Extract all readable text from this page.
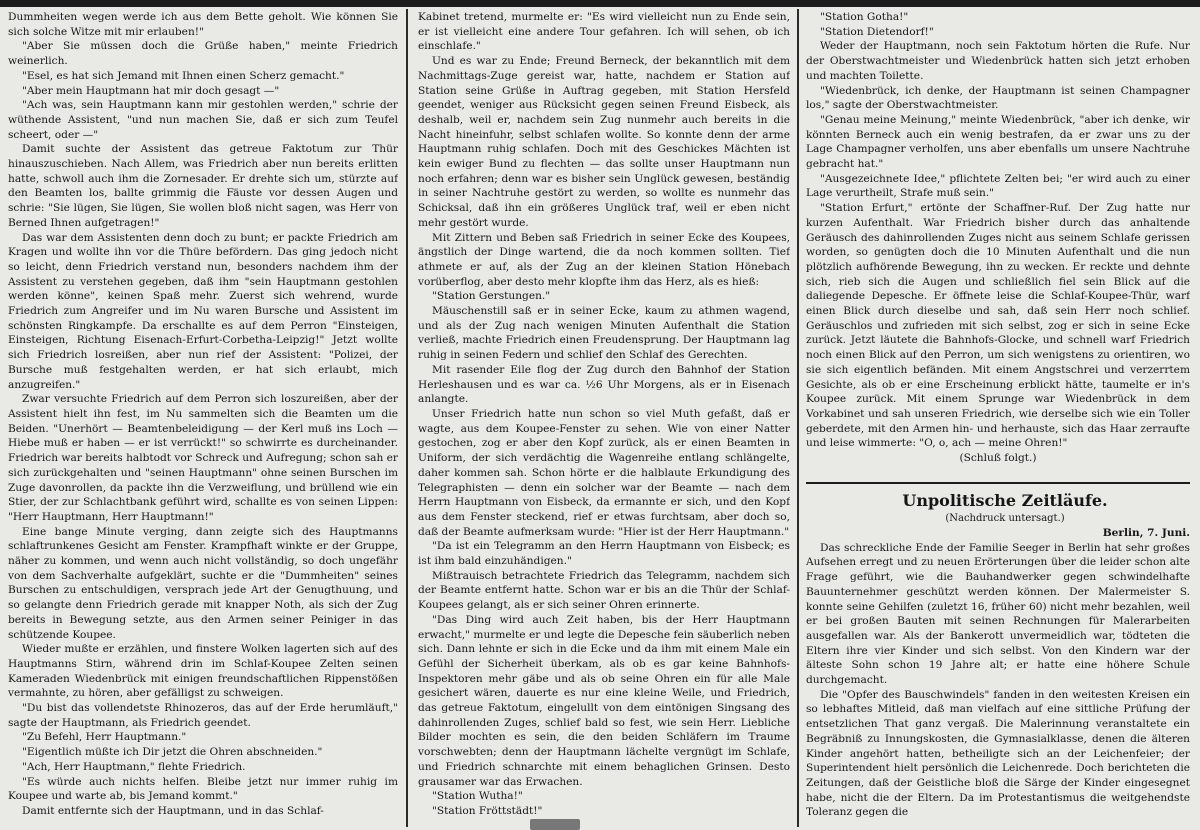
Dummheiten wegen werde ich aus dem Bette geholt. Wie können Sie sich solche Witze mit mir erlauben!"

"Aber Sie müssen doch die Grüße haben," meinte Friedrich weinerlich.

"Esel, es hat sich Jemand mit Ihnen einen Scherz gemacht."

"Aber mein Hauptmann hat mir doch gesagt —"

"Ach was, sein Hauptmann kann mir gestohlen werden," schrie der wüthende Assistent, "und nun machen Sie, daß er sich zum Teufel scheert, oder —"

Damit suchte der Assistent das getreue Faktotum zur Thür hinauszuschieben. Nach Allem, was Friedrich aber nun bereits erlitten hatte, schwoll auch ihm die Zornesader. Er drehte sich um, stürzte auf den Beamten los, ballte grimmig die Fäuste vor dessen Augen und schrie: "Sie lügen, Sie lügen, Sie wollen bloß nicht sagen, was Herr von Berned Ihnen aufgetragen!"

Das war dem Assistenten denn doch zu bunt; er packte Friedrich am Kragen und wollte ihn vor die Thüre befördern. Das ging jedoch nicht so leicht, denn Friedrich verstand nun, besonders nachdem ihm der Assistent zu verstehen gegeben, daß ihm "sein Hauptmann gestohlen werden könne", keinen Spaß mehr. Zuerst sich wehrend, wurde Friedrich zum Angreifer und im Nu waren Bursche und Assistent im schönsten Ringkampfe. Da erschallte es auf dem Perron "Einsteigen, Einsteigen, Richtung Eisenach-Erfurt-Corbetha-Leipzig!" Jetzt wollte sich Friedrich losreißen, aber nun rief der Assistent: "Polizei, der Bursche muß festgehalten werden, er hat sich erlaubt, mich anzugreifen."

Zwar versuchte Friedrich auf dem Perron sich loszureißen, aber der Assistent hielt ihn fest, im Nu sammelten sich die Beamten um die Beiden. "Unerhört — Beamtenbeleidigung — der Kerl muß ins Loch — Hiebe muß er haben — er ist verrückt!" so schwirrte es durcheinander. Friedrich war bereits halbtodt vor Schreck und Aufregung; schon sah er sich zurückgehalten und "seinen Hauptmann" ohne seinen Burschen im Zuge davonrollen, da packte ihn die Verzweiflung, und brüllend wie ein Stier, der zur Schlachtbank geführt wird, schallte es von seinen Lippen: "Herr Hauptmann, Herr Hauptmann!"

Eine bange Minute verging, dann zeigte sich des Hauptmanns schlaftrunkenes Gesicht am Fenster. Krampfhaft winkte er der Gruppe, näher zu kommen, und wenn auch nicht vollständig, so doch ungefähr von dem Sachverhalte aufgeklärt, suchte er die "Dummheiten" seines Burschen zu entschuldigen, versprach jede Art der Genugthuung, und so gelangte denn Friedrich gerade mit knapper Noth, als sich der Zug bereits in Bewegung setzte, aus den Armen seiner Peiniger in das schützende Koupee.

Wieder mußte er erzählen, und finstere Wolken lagerten sich auf des Hauptmanns Stirn, während drin im Schlaf-Koupee Zelten seinen Kameraden Wiedenbrück mit einigen freundschaftlichen Rippenstößen vermahnte, zu hören, aber gefälligst zu schweigen.

"Du bist das vollendetste Rhinozeros, das auf der Erde herumläuft," sagte der Hauptmann, als Friedrich geendet.

"Zu Befehl, Herr Hauptmann."

"Eigentlich müßte ich Dir jetzt die Ohren abschneiden."

"Ach, Herr Hauptmann," flehte Friedrich.

"Es würde auch nichts helfen. Bleibe jetzt nur immer ruhig im Koupee und warte ab, bis Jemand kommt."

Damit entfernte sich der Hauptmann, und in das Schlaf-

Kabinet tretend, murmelte er: "Es wird vielleicht nun zu Ende sein, er ist vielleicht eine andere Tour gefahren. Ich will sehen, ob ich einschlafe."

Und es war zu Ende; Freund Berneck, der bekanntlich mit dem Nachmittags-Zuge gereist war, hatte, nachdem er Station auf Station seine Grüße in Auftrag gegeben, mit Station Hersfeld geendet, weniger aus Rücksicht gegen seinen Freund Eisbeck, als deshalb, weil er, nachdem sein Zug nunmehr auch bereits in die Nacht hineinfuhr, selbst schlafen wollte. So konnte denn der arme Hauptmann ruhig schlafen. Doch mit des Geschickes Mächten ist kein ewiger Bund zu flechten — das sollte unser Hauptmann nun noch erfahren; denn war es bisher sein Unglück gewesen, beständig in seiner Nachtruhe gestört zu werden, so wollte es nunmehr das Schicksal, daß ihn ein größeres Unglück traf, weil er eben nicht mehr gestört wurde.

Mit Zittern und Beben saß Friedrich in seiner Ecke des Koupees, ängstlich der Dinge wartend, die da noch kommen sollten. Tief athmete er auf, als der Zug an der kleinen Station Hönebach vorüberflog, aber desto mehr klopfte ihm das Herz, als es hieß:

"Station Gerstungen."

Mäuschenstill saß er in seiner Ecke, kaum zu athmen wagend, und als der Zug nach wenigen Minuten Aufenthalt die Station verließ, machte Friedrich einen Freudensprung. Der Hauptmann lag ruhig in seinen Federn und schlief den Schlaf des Gerechten.

Mit rasender Eile flog der Zug durch den Bahnhof der Station Herleshausen und es war ca. ½6 Uhr Morgens, als er in Eisenach anlangte.

Unser Friedrich hatte nun schon so viel Muth gefaßt, daß er wagte, aus dem Koupee-Fenster zu sehen. Wie von einer Natter gestochen, zog er aber den Kopf zurück, als er einen Beamten in Uniform, der sich verdächtig die Wagenreihe entlang schlängelte, daher kommen sah. Schon hörte er die halblaute Erkundigung des Telegraphisten — denn ein solcher war der Beamte — nach dem Herrn Hauptmann von Eisbeck, da ermannte er sich, und den Kopf aus dem Fenster steckend, rief er etwas furchtsam, aber doch so, daß der Beamte aufmerksam wurde: "Hier ist der Herr Hauptmann."

"Da ist ein Telegramm an den Herrn Hauptmann von Eisbeck; es ist ihm bald einzuhändigen."

Mißtrauisch betrachtete Friedrich das Telegramm, nachdem sich der Beamte entfernt hatte. Schon war er bis an die Thür der Schlaf-Koupees gelangt, als er sich seiner Ohren erinnerte.

"Das Ding wird auch Zeit haben, bis der Herr Hauptmann erwacht," murmelte er und legte die Depesche fein säuberlich neben sich. Dann lehnte er sich in die Ecke und da ihm mit einem Male ein Gefühl der Sicherheit überkam, als ob es gar keine Bahnhofs-Inspektoren mehr gäbe und als ob seine Ohren ein für alle Male gesichert wären, dauerte es nur eine kleine Weile, und Friedrich, das getreue Faktotum, eingelullt von dem eintönigen Singsang des dahinrollenden Zuges, schlief bald so fest, wie sein Herr. Liebliche Bilder mochten es sein, die den beiden Schläfern im Traume vorschwebten; denn der Hauptmann lächelte vergnügt im Schlafe, und Friedrich schnarchte mit einem behaglichen Grinsen. Desto grausamer war das Erwachen.

"Station Wutha!"

"Station Fröttstädt!"

"Station Gotha!"

"Station Dietendorf!"

Weder der Hauptmann, noch sein Faktotum hörten die Rufe. Nur der Oberstwachtmeister und Wiedenbrück hatten sich jetzt erhoben und machten Toilette.

"Wiedenbrück, ich denke, der Hauptmann ist seinen Champagner los," sagte der Oberstwachtmeister.

"Genau meine Meinung," meinte Wiedenbrück, "aber ich denke, wir könnten Berneck auch ein wenig bestrafen, da er zwar uns zu der Lage Champagner verholfen, uns aber ebenfalls um unsere Nachtruhe gebracht hat."

"Ausgezeichnete Idee," pflichtete Zelten bei; "er wird auch zu einer Lage verurtheilt, Strafe muß sein."

"Station Erfurt," ertönte der Schaffner-Ruf. Der Zug hatte nur kurzen Aufenthalt. War Friedrich bisher durch das anhaltende Geräusch des dahinrollenden Zuges nicht aus seinem Schlafe gerissen worden, so genügten doch die 10 Minuten Aufenthalt und die nun plötzlich aufhörende Bewegung, ihn zu wecken. Er reckte und dehnte sich, rieb sich die Augen und schließlich fiel sein Blick auf die daliegende Depesche. Er öffnete leise die Schlaf-Koupee-Thür, warf einen Blick durch dieselbe und sah, daß sein Herr noch schlief. Geräuschlos und zufrieden mit sich selbst, zog er sich in seine Ecke zurück. Jetzt läutete die Bahnhofs-Glocke, und schnell warf Friedrich noch einen Blick auf den Perron, um sich wenigstens zu orientiren, wo sie sich eigentlich befänden. Mit einem Angstschrei und verzerrtem Gesichte, als ob er eine Erscheinung erblickt hätte, taumelte er in's Koupee zurück. Mit einem Sprunge war Wiedenbrück in dem Vorkabinet und sah unseren Friedrich, wie derselbe sich wie ein Toller geberdete, mit den Armen hin- und herhauste, sich das Haar zerraufte und leise wimmerte: "O, o, ach — meine Ohren!"

(Schluß folgt.)

Unpolitische Zeitläufe.

(Nachdruck untersagt.)

Berlin, 7. Juni.

Das schreckliche Ende der Familie Seeger in Berlin hat sehr großes Aufsehen erregt und zu neuen Erörterungen über die leider schon alte Frage geführt, wie die Bauhandwerker gegen schwindelhafte Bauunternehmer geschützt werden können. Der Malermeister S. konnte seine Gehilfen (zuletzt 16, früher 60) nicht mehr bezahlen, weil er bei großen Bauten mit seinen Rechnungen für Malerarbeiten ausgefallen war. Als der Bankerott unvermeidlich war, tödteten die Eltern ihre vier Kinder und sich selbst. Von den Kindern war der älteste Sohn schon 19 Jahre alt; er hatte eine höhere Schule durchgemacht.

Die "Opfer des Bauschwindels" fanden in den weitesten Kreisen ein so lebhaftes Mitleid, daß man vielfach auf eine sittliche Prüfung der entsetzlichen That ganz vergaß. Die Malerinnung veranstaltete ein Begräbniß zu Innungskosten, die Gymnasialklasse, denen die älteren Kinder angehört hatten, betheiligte sich an der Leichenfeier; der Superintendent hielt persönlich die Leichenrede. Doch berichteten die Zeitungen, daß der Geistliche bloß die Särge der Kinder eingesegnet habe, nicht die der Eltern. Da im Protestantismus die weitgehendste Toleranz gegen die
